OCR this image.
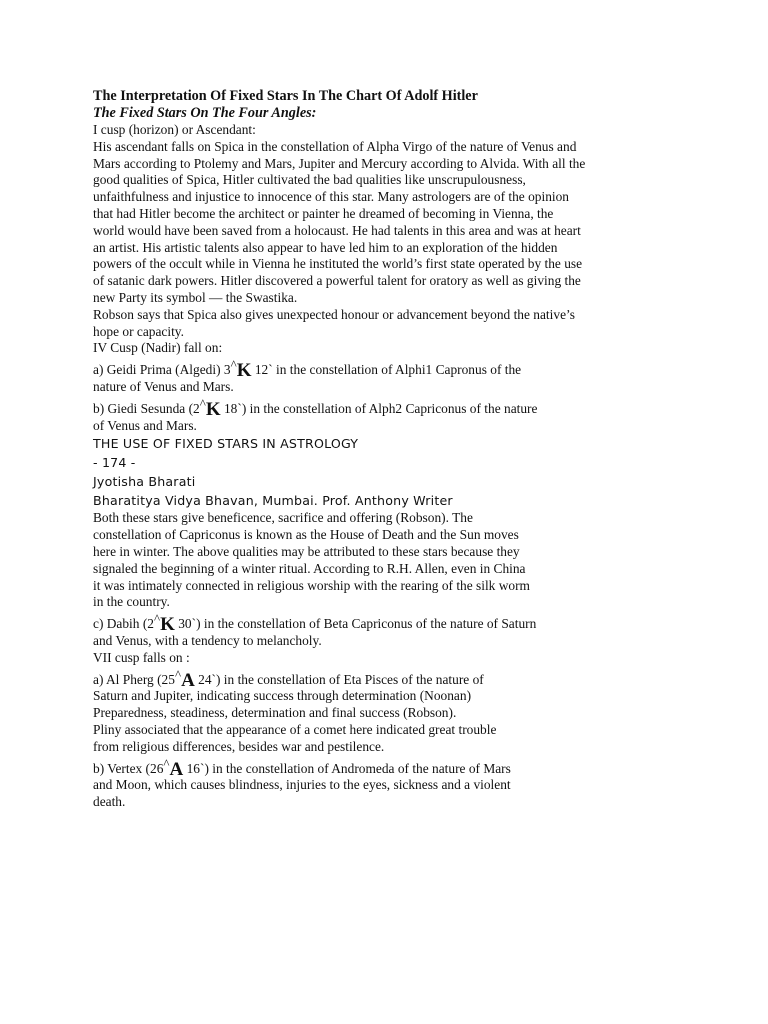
The Interpretation Of Fixed Stars In The Chart Of Adolf Hitler
The Fixed Stars On The Four Angles:
I cusp (horizon) or Ascendant:
His ascendant falls on Spica in the constellation of Alpha Virgo of the nature of Venus and
Mars according to Ptolemy and Mars, Jupiter and Mercury according to Alvida. With all the
good qualities of Spica, Hitler cultivated the bad qualities like unscrupulousness,
unfaithfulness and injustice to innocence of this star. Many astrologers are of the opinion
that had Hitler become the architect or painter he dreamed of becoming in Vienna, the
world would have been saved from a holocaust. He had talents in this area and was at heart
an artist. His artistic talents also appear to have led him to an exploration of the hidden
powers of the occult while in Vienna he instituted the world’s first state operated by the use
of satanic dark powers. Hitler discovered a powerful talent for oratory as well as giving the
new Party its symbol — the Swastika.
Robson says that Spica also gives unexpected honour or advancement beyond the native’s
hope or capacity.
IV Cusp (Nadir) fall on:
a) Geidi Prima (Algedi) 3^K 12` in the constellation of Alphi1 Capronus of the
nature of Venus and Mars.
b) Giedi Sesunda (2^K 18`) in the constellation of Alph2 Capriconus of the nature
of Venus and Mars.
THE USE OF FIXED STARS IN ASTROLOGY
- 174 -
Jyotisha Bharati
Bharatitya Vidya Bhavan, Mumbai. Prof. Anthony Writer
Both these stars give beneficence, sacrifice and offering (Robson). The
constellation of Capriconus is known as the House of Death and the Sun moves
here in winter. The above qualities may be attributed to these stars because they
signaled the beginning of a winter ritual. According to R.H. Allen, even in China
it was intimately connected in religious worship with the rearing of the silk worm
in the country.
c) Dabih (2^K 30`) in the constellation of Beta Capriconus of the nature of Saturn
and Venus, with a tendency to melancholy.
VII cusp falls on :
a) Al Pherg (25^A 24`) in the constellation of Eta Pisces of the nature of
Saturn and Jupiter, indicating success through determination (Noonan)
Preparedness, steadiness, determination and final success (Robson).
Pliny associated that the appearance of a comet here indicated great trouble
from religious differences, besides war and pestilence.
b) Vertex (26^A 16`) in the constellation of Andromeda of the nature of Mars
and Moon, which causes blindness, injuries to the eyes, sickness and a violent
death.
